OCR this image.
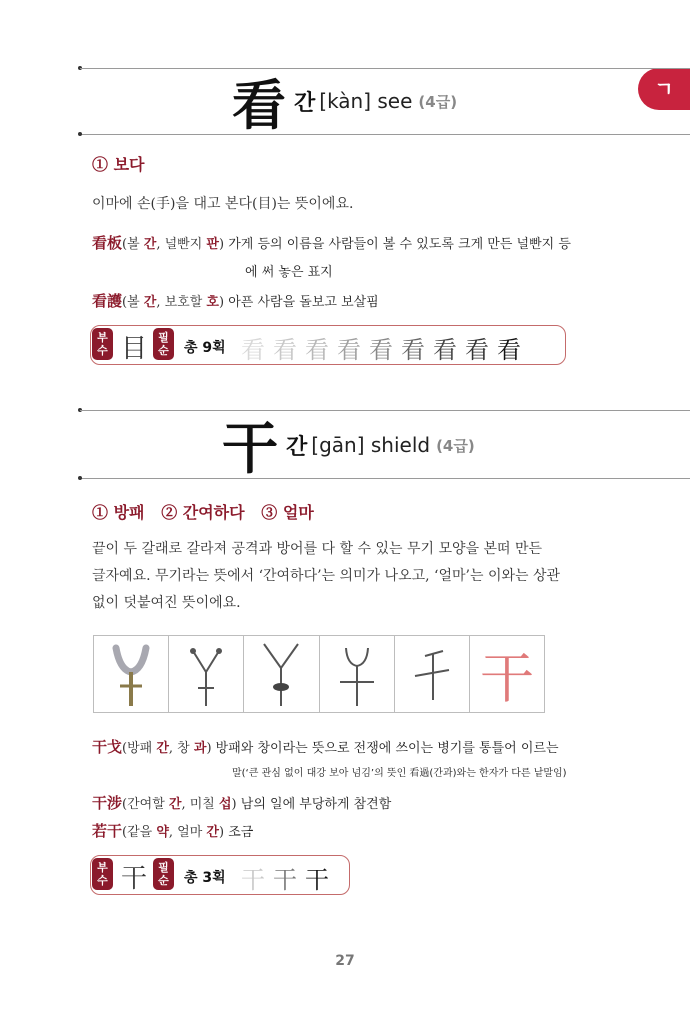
ㄱ
看 간 [kàn] see (4급)
① 보다
이마에 손(手)을 대고 본다(目)는 뜻이에요.
看板(볼 간, 널빤지 판) 가게 등의 이름을 사람들이 볼 수 있도록 크게 만든 널빤지 등
에 써 놓은 표지
看護(볼 간, 보호할 호) 아픈 사람을 돌보고 보살핌
부
수 目	필
순	총 9획 看 看 看 看 看 看 看 看 看
干 간 [gān] shield (4급)
① 방패   ② 간여하다   ③ 얼마
끝이 두 갈래로 갈라져 공격과 방어를 다 할 수 있는 무기 모양을 본떠 만든
글자예요. 무기라는 뜻에서 ‘간여하다’는 의미가 나오고, ‘얼마’는 이와는 상관
없이 덧붙여진 뜻이에요.
干
干戈(방패 간, 창 과) 방패와 창이라는 뜻으로 전쟁에 쓰이는 병기를 통틀어 이르는
말(‘큰 관심 없이 대강 보아 넘김’의 뜻인 看過(간과)와는 한자가 다른 낱말임)
干涉(간여할 간, 미칠 섭) 남의 일에 부당하게 참견함
若干(같을 약, 얼마 간) 조금
부
수 干	필
순	총 3획 干 干 干
27
